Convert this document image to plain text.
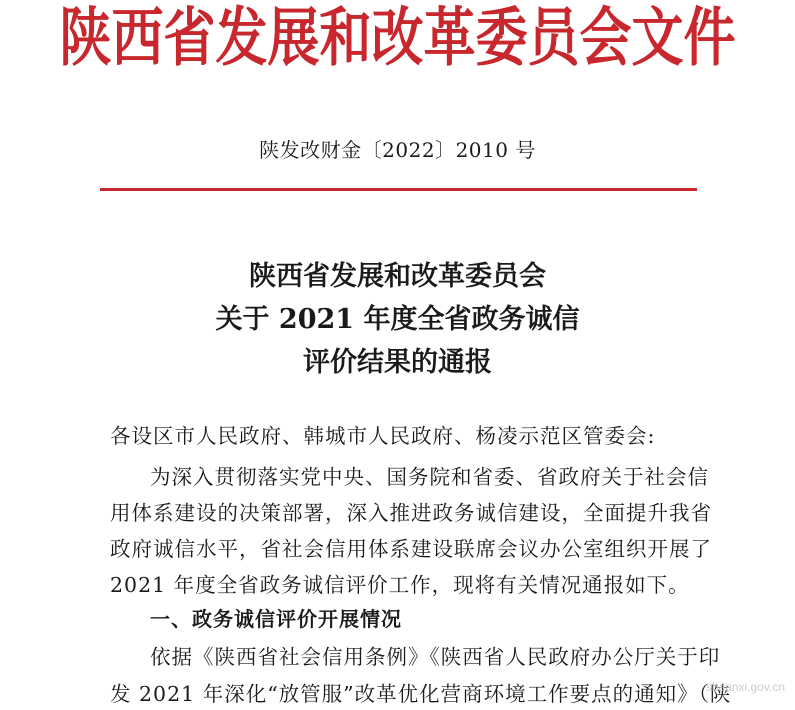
陕西省发展和改革委员会文件
陕发改财金〔2022〕2010 号
陕西省发展和改革委员会
关于 2021 年度全省政务诚信
评价结果的通报
各设区市人民政府、韩城市人民政府、杨凌示范区管委会:
为深入贯彻落实党中央、国务院和省委、省政府关于社会信
用体系建设的决策部署，深入推进政务诚信建设，全面提升我省
政府诚信水平，省社会信用体系建设联席会议办公室组织开展了
2021 年度全省政务诚信评价工作，现将有关情况通报如下。
一、政务诚信评价开展情况
依据《陕西省社会信用条例》《陕西省人民政府办公厅关于印
发 2021 年深化“放管服”改革优化营商环境工作要点的通知》（陕
shaanxi.gov.cn
